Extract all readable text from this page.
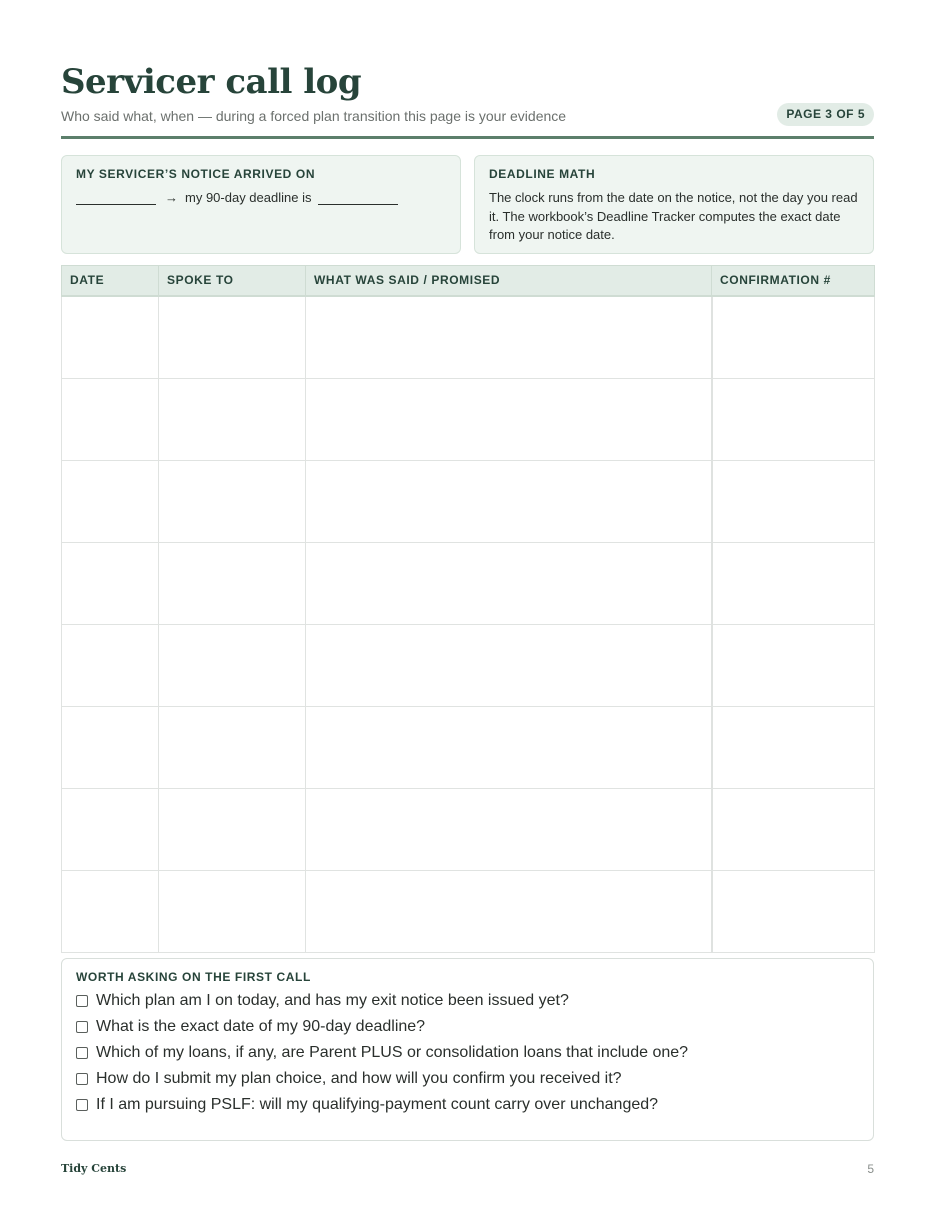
Servicer call log
Who said what, when — during a forced plan transition this page is your evidence	PAGE 3 OF 5
MY SERVICER’S NOTICE ARRIVED ON
→ my 90-day deadline is
DEADLINE MATH
The clock runs from the date on the notice, not the day you read it. The workbook’s Deadline Tracker computes the exact date from your notice date.
DATE	SPOKE TO	WHAT WAS SAID / PROMISED	CONFIRMATION #

WORTH ASKING ON THE FIRST CALL
Which plan am I on today, and has my exit notice been issued yet?
What is the exact date of my 90-day deadline?
Which of my loans, if any, are Parent PLUS or consolidation loans that include one?
How do I submit my plan choice, and how will you confirm you received it?
If I am pursuing PSLF: will my qualifying-payment count carry over unchanged?
Tidy Cents	5
